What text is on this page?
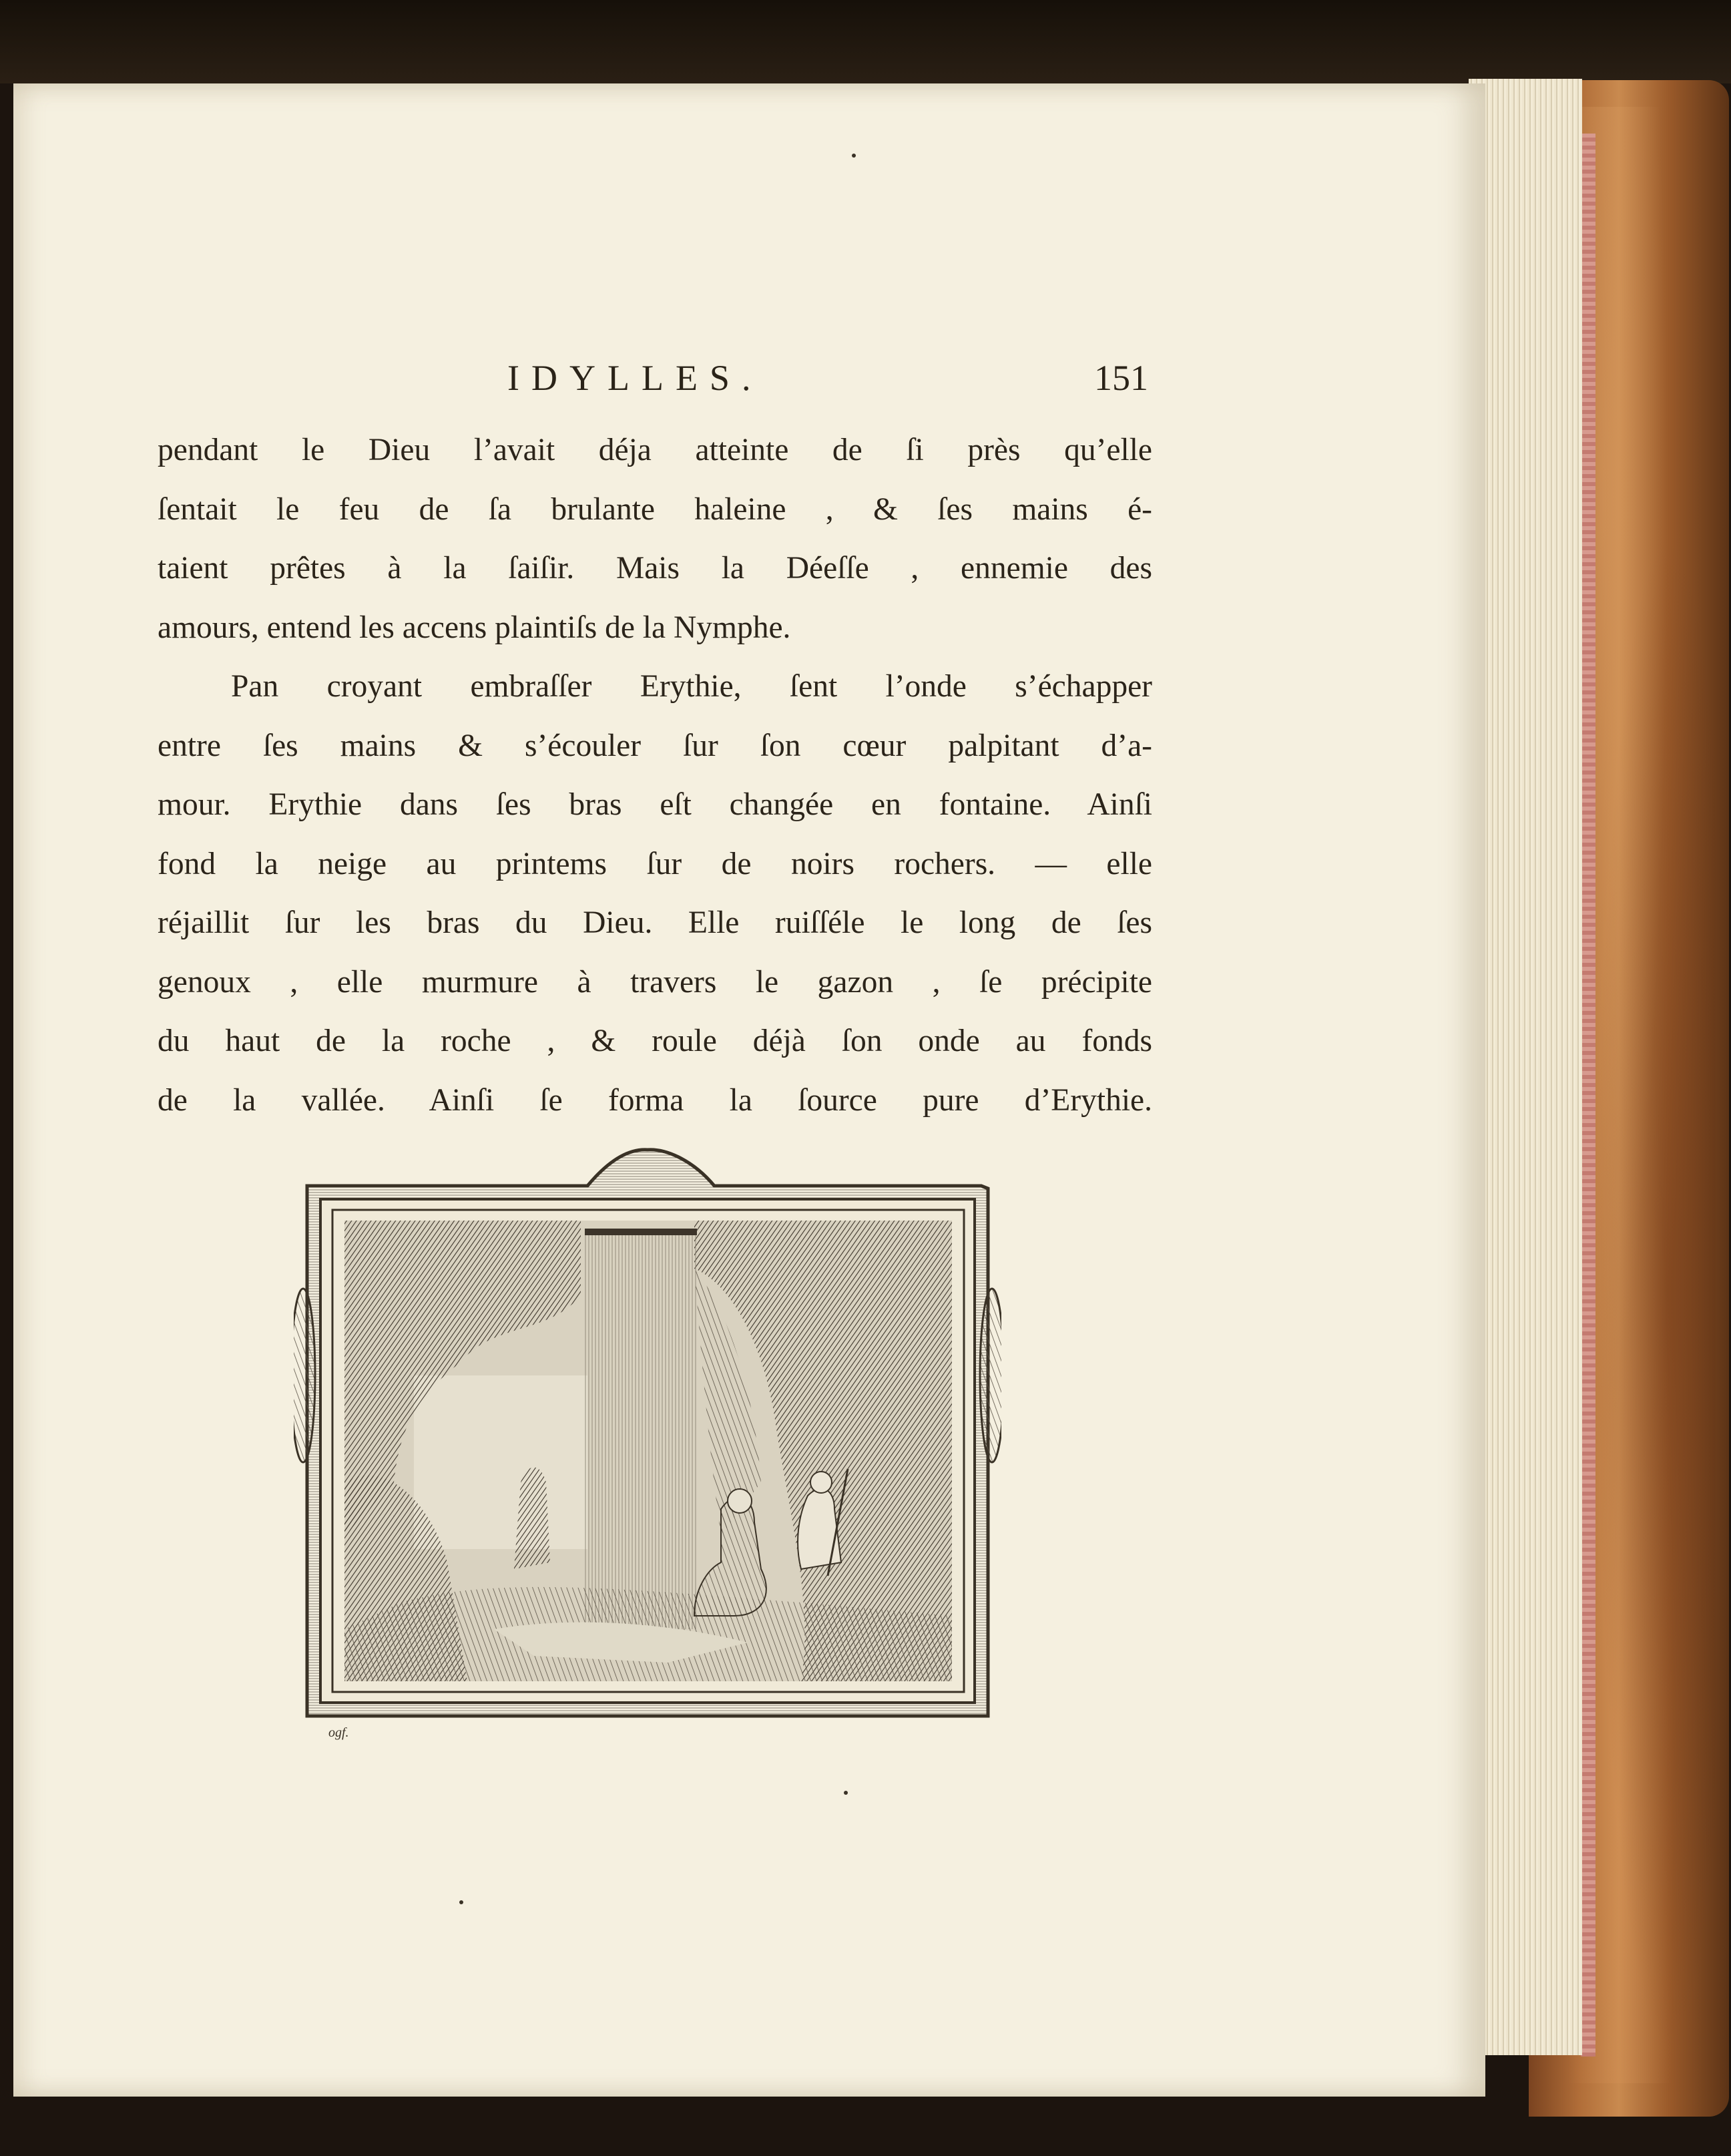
IDYLLES.	151
pendant le Dieu l’avait déja atteinte de ſi près qu’elle
ſentait le feu de ſa brulante haleine , & ſes mains é-
taient prêtes à la ſaiſir. Mais la Déeſſe , ennemie des
amours, entend les accens plaintiſs de la Nymphe.
Pan croyant embraſſer Erythie, ſent l’onde s’échapper
entre ſes mains & s’écouler ſur ſon cœur palpitant d’a-
mour. Erythie dans ſes bras eſt changée en fontaine. Ainſi
fond la neige au printems ſur de noirs rochers. — elle
réjaillit ſur les bras du Dieu. Elle ruiſſéle le long de ſes
genoux , elle murmure à travers le gazon , ſe précipite
du haut de la roche , & roule déjà ſon onde au fonds
de la vallée. Ainſi ſe forma la ſource pure d’Erythie.
ogf.
